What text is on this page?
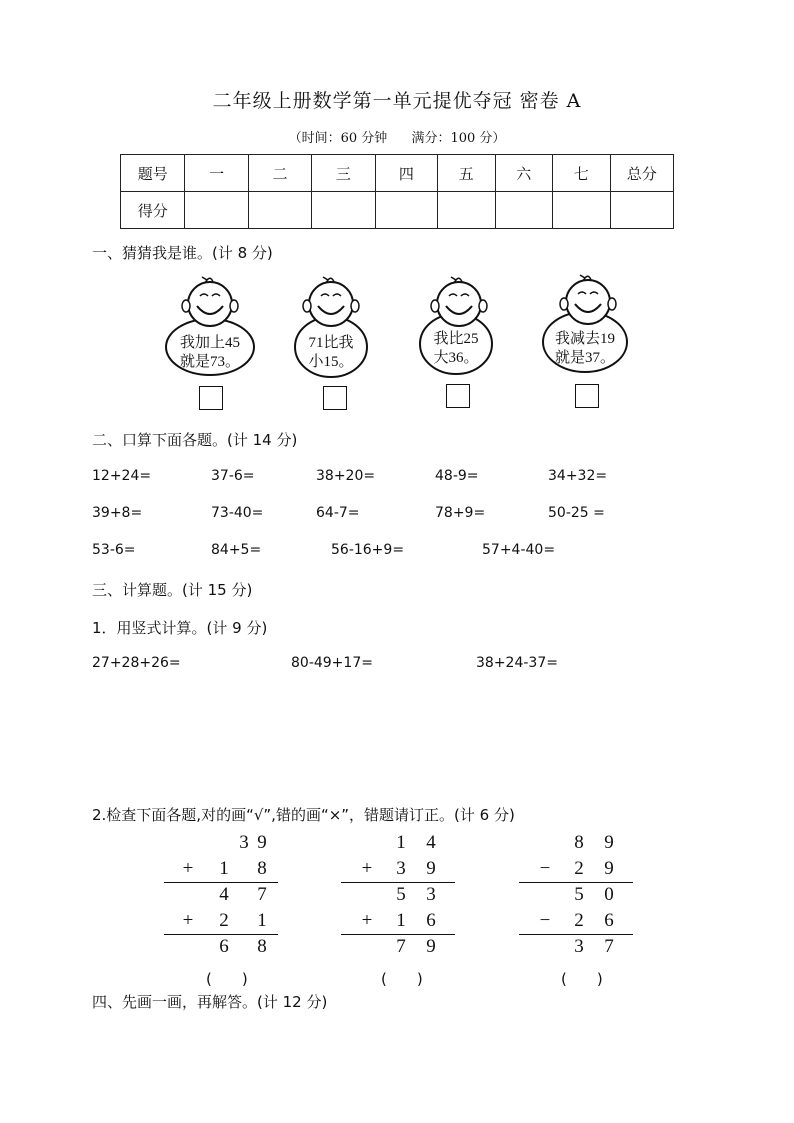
二年级上册数学第一单元提优夺冠 密卷 A
（时间：60 分钟 满分：100 分）
题号	一	二	三	四	五	六	七	总分
得分								
一、猜猜我是谁。(计 8 分)
我加上45
就是73。
71比我
小15。
我比25
大36。
我减去19
就是37。
二、口算下面各题。(计 14 分)
12+24=	37-6=	38+20=	48-9=	34+32=
39+8=	73-40=	64-7=	78+9=	50-25 =
53-6=	84+5=	56-16+9=	57+4-40=
三、计算题。(计 15 分)
1．用竖式计算。(计 9 分)
27+28+26=	80-49+17=	38+24-37=
2.检查下面各题,对的画“√”,错的画“×”，错题请订正。(计 6 分)
3 9
+ 1 8
4 7
+ 2 1
6 8
(　　)
1 4
+ 3 9
5 3
+ 1 6
7 9
(　　)
8 9
− 2 9
5 0
− 2 6
3 7
(　　)
四、先画一画，再解答。(计 12 分)
